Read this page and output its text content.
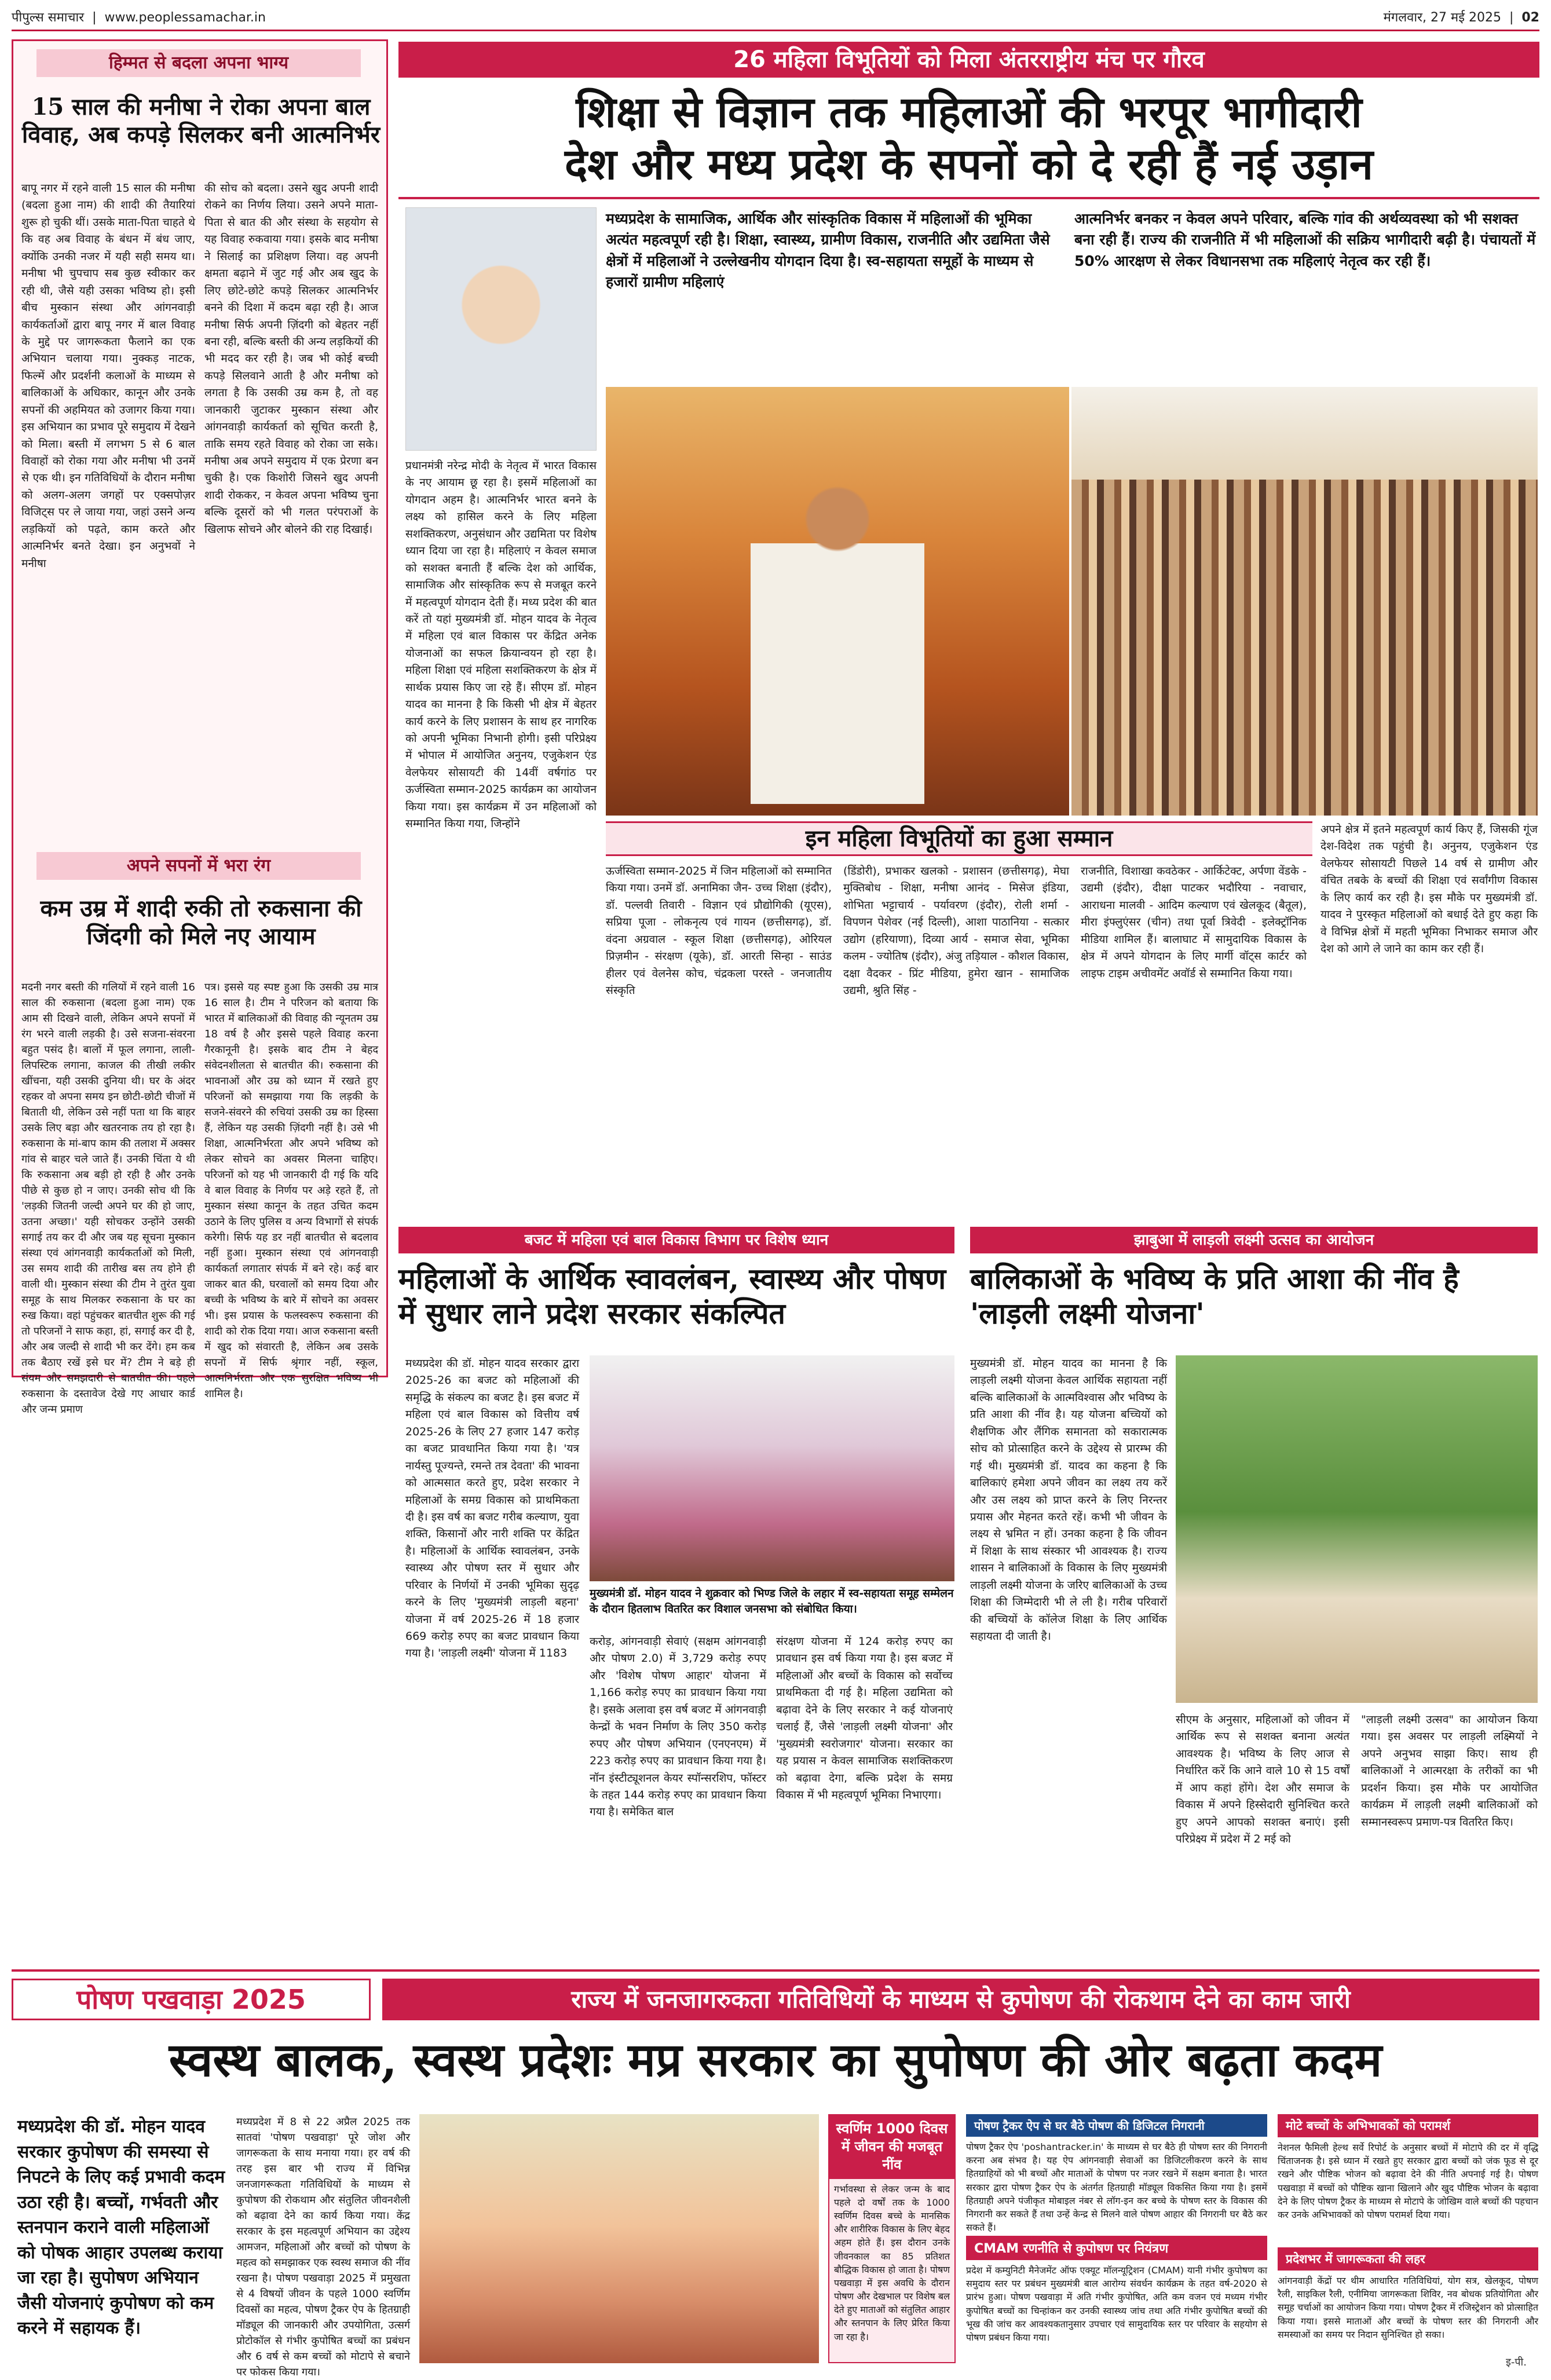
पीपुल्स समाचार  |  www.peoplessamachar.in	मंगलवार, 27 मई 2025  |  02
हिम्मत से बदला अपना भाग्य
15 साल की मनीषा ने रोका अपना बाल विवाह, अब कपड़े सिलकर बनी आत्मनिर्भर
बापू नगर में रहने वाली 15 साल की मनीषा (बदला हुआ नाम) की शादी की तैयारियां शुरू हो चुकी थीं। उसके माता-पिता चाहते थे कि वह अब विवाह के बंधन में बंध जाए, क्योंकि उनकी नजर में यही सही समय था। मनीषा भी चुपचाप सब कुछ स्वीकार कर रही थी, जैसे यही उसका भविष्य हो। इसी बीच मुस्कान संस्था और आंगनवाड़ी कार्यकर्ताओं द्वारा बापू नगर में बाल विवाह के मुद्दे पर जागरूकता फैलाने का एक अभियान चलाया गया। नुक्कड़ नाटक, फिल्में और प्रदर्शनी कलाओं के माध्यम से बालिकाओं के अधिकार, कानून और उनके सपनों की अहमियत को उजागर किया गया। इस अभियान का प्रभाव पूरे समुदाय में देखने को मिला। बस्ती में लगभग 5 से 6 बाल विवाहों को रोका गया और मनीषा भी उनमें से एक थी। इन गतिविधियों के दौरान मनीषा को अलग-अलग जगहों पर एक्सपोज़र विजिट्स पर ले जाया गया, जहां उसने अन्य लड़कियों को पढ़ते, काम करते और आत्मनिर्भर बनते देखा। इन अनुभवों ने मनीषा
की सोच को बदला। उसने खुद अपनी शादी रोकने का निर्णय लिया। उसने अपने माता-पिता से बात की और संस्था के सहयोग से यह विवाह रुकवाया गया। इसके बाद मनीषा ने सिलाई का प्रशिक्षण लिया। वह अपनी क्षमता बढ़ाने में जुट गई और अब खुद के लिए छोटे-छोटे कपड़े सिलकर आत्मनिर्भर बनने की दिशा में कदम बढ़ा रही है। आज मनीषा सिर्फ अपनी ज़िंदगी को बेहतर नहीं बना रही, बल्कि बस्ती की अन्य लड़कियों की भी मदद कर रही है। जब भी कोई बच्ची कपड़े सिलवाने आती है और मनीषा को लगता है कि उसकी उम्र कम है, तो वह जानकारी जुटाकर मुस्कान संस्था और आंगनवाड़ी कार्यकर्ता को सूचित करती है, ताकि समय रहते विवाह को रोका जा सके। मनीषा अब अपने समुदाय में एक प्रेरणा बन चुकी है। एक किशोरी जिसने खुद अपनी शादी रोककर, न केवल अपना भविष्य चुना बल्कि दूसरों को भी गलत परंपराओं के खिलाफ सोचने और बोलने की राह दिखाई।
अपने सपनों में भरा रंग
कम उम्र में शादी रुकी तो रुकसाना की जिंदगी को मिले नए आयाम
मदनी नगर बस्ती की गलियों में रहने वाली 16 साल की रुकसाना (बदला हुआ नाम) एक आम सी दिखने वाली, लेकिन अपने सपनों में रंग भरने वाली लड़की है। उसे सजना-संवरना बहुत पसंद है। बालों में फूल लगाना, लाली-लिपस्टिक लगाना, काजल की तीखी लकीर खींचना, यही उसकी दुनिया थी। घर के अंदर रहकर वो अपना समय इन छोटी-छोटी चीजों में बिताती थी, लेकिन उसे नहीं पता था कि बाहर उसके लिए बड़ा और खतरनाक तय हो रहा है। रुकसाना के मां-बाप काम की तलाश में अक्सर गांव से बाहर चले जाते हैं। उनकी चिंता ये थी कि रुकसाना अब बड़ी हो रही है और उनके पीछे से कुछ हो न जाए। उनकी सोच थी कि 'लड़की जितनी जल्दी अपने घर की हो जाए, उतना अच्छा।' यही सोचकर उन्होंने उसकी सगाई तय कर दी और जब यह सूचना मुस्कान संस्था एवं आंगनवाड़ी कार्यकर्ताओं को मिली, उस समय शादी की तारीख बस तय होने ही वाली थी। मुस्कान संस्था की टीम ने तुरंत युवा समूह के साथ मिलकर रुकसाना के घर का रुख किया। वहां पहुंचकर बातचीत शुरू की गई तो परिजनों ने साफ कहा, हां, सगाई कर दी है, और अब जल्दी से शादी भी कर देंगे। हम कब तक बैठाए रखें इसे घर में? टीम ने बड़े ही संयम और समझदारी से बातचीत की। पहले रुकसाना के दस्तावेज देखे गए आधार कार्ड और जन्म प्रमाण
पत्र। इससे यह स्पष्ट हुआ कि उसकी उम्र मात्र 16 साल है। टीम ने परिजन को बताया कि भारत में बालिकाओं की विवाह की न्यूनतम उम्र 18 वर्ष है और इससे पहले विवाह करना गैरकानूनी है। इसके बाद टीम ने बेहद संवेदनशीलता से बातचीत की। रुकसाना की भावनाओं और उम्र को ध्यान में रखते हुए परिजनों को समझाया गया कि लड़की के सजने-संवरने की रुचियां उसकी उम्र का हिस्सा हैं, लेकिन यह उसकी ज़िंदगी नहीं है। उसे भी शिक्षा, आत्मनिर्भरता और अपने भविष्य को लेकर सोचने का अवसर मिलना चाहिए। परिजनों को यह भी जानकारी दी गई कि यदि वे बाल विवाह के निर्णय पर अड़े रहते हैं, तो मुस्कान संस्था कानून के तहत उचित कदम उठाने के लिए पुलिस व अन्य विभागों से संपर्क करेगी। सिर्फ यह डर नहीं बातचीत से बदलाव नहीं हुआ। मुस्कान संस्था एवं आंगनवाड़ी कार्यकर्ता लगातार संपर्क में बने रहे। कई बार जाकर बात की, घरवालों को समय दिया और बच्ची के भविष्य के बारे में सोचने का अवसर भी। इस प्रयास के फलस्वरूप रुकसाना की शादी को रोक दिया गया। आज रुकसाना बस्ती में खुद को संवारती है, लेकिन अब उसके सपनों में सिर्फ श्रृंगार नहीं, स्कूल, आत्मनिर्भरता और एक सुरक्षित भविष्य भी शामिल है।
26 महिला विभूतियों को मिला अंतरराष्ट्रीय मंच पर गौरव
शिक्षा से विज्ञान तक महिलाओं की भरपूर भागीदारी
देश और मध्य प्रदेश के सपनों को दे रही हैं नई उड़ान
प्रधानमंत्री नरेन्द्र मोदी के नेतृत्व में भारत विकास के नए आयाम छू रहा है। इसमें महिलाओं का योगदान अहम है। आत्मनिर्भर भारत बनने के लक्ष्य को हासिल करने के लिए महिला सशक्तिकरण, अनुसंधान और उद्यमिता पर विशेष ध्यान दिया जा रहा है। महिलाएं न केवल समाज को सशक्त बनाती हैं बल्कि देश को आर्थिक, सामाजिक और सांस्कृतिक रूप से मजबूत करने में महत्वपूर्ण योगदान देती हैं। मध्य प्रदेश की बात करें तो यहां मुख्यमंत्री डॉ. मोहन यादव के नेतृत्व में महिला एवं बाल विकास पर केंद्रित अनेक योजनाओं का सफल क्रियान्वयन हो रहा है। महिला शिक्षा एवं महिला सशक्तिकरण के क्षेत्र में सार्थक प्रयास किए जा रहे हैं। सीएम डॉ. मोहन यादव का मानना है कि किसी भी क्षेत्र में बेहतर कार्य करने के लिए प्रशासन के साथ हर नागरिक को अपनी भूमिका निभानी होगी। इसी परिप्रेक्ष्य में भोपाल में आयोजित अनुनय, एजुकेशन एंड वेलफेयर सोसायटी की 14वीं वर्षगांठ पर ऊर्जस्विता सम्मान-2025 कार्यक्रम का आयोजन किया गया। इस कार्यक्रम में उन महिलाओं को सम्मानित किया गया, जिन्होंने
मध्यप्रदेश के सामाजिक, आर्थिक और सांस्कृतिक विकास में महिलाओं की भूमिका अत्यंत महत्वपूर्ण रही है। शिक्षा, स्वास्थ्य, ग्रामीण विकास, राजनीति और उद्यमिता जैसे क्षेत्रों में महिलाओं ने उल्लेखनीय योगदान दिया है। स्व-सहायता समूहों के माध्यम से हजारों ग्रामीण महिलाएं
आत्मनिर्भर बनकर न केवल अपने परिवार, बल्कि गांव की अर्थव्यवस्था को भी सशक्त बना रही हैं। राज्य की राजनीति में भी महिलाओं की सक्रिय भागीदारी बढ़ी है। पंचायतों में 50% आरक्षण से लेकर विधानसभा तक महिलाएं नेतृत्व कर रही हैं।
इन महिला विभूतियों का हुआ सम्मान
ऊर्जस्विता सम्मान-2025 में जिन महिलाओं को सम्मानित किया गया। उनमें डॉ. अनामिका जैन- उच्च शिक्षा (इंदौर), डॉ. पल्लवी तिवारी - विज्ञान एवं प्रौद्योगिकी (यूएस), सप्रिया पूजा - लोकनृत्य एवं गायन (छत्तीसगढ़), डॉ. वंदना अग्रवाल - स्कूल शिक्षा (छत्तीसगढ़), ओरियल प्रिज़मीन - संरक्षण (यूके), डॉ. आरती सिन्हा - साउंड हीलर एवं वेलनेस कोच, चंद्रकला परस्ते - जनजातीय संस्कृति
(डिंडोरी), प्रभाकर खलको - प्रशासन (छत्तीसगढ़), मेघा मुक्तिबोध - शिक्षा, मनीषा आनंद - मिसेज इंडिया, शोभिता भट्टाचार्य - पर्यावरण (इंदौर), रोली शर्मा - विपणन पेशेवर (नई दिल्ली), आशा पाठानिया - सत्कार उद्योग (हरियाणा), दिव्या आर्य - समाज सेवा, भूमिका कलम - ज्योतिष (इंदौर), अंजु तड़ियाल - कौशल विकास, दक्षा वैदकर - प्रिंट मीडिया, हुमेरा खान - सामाजिक उद्यमी, श्रुति सिंह -
राजनीति, विशाखा कवठेकर - आर्किटेक्ट, अर्पणा वेंडके - उद्यमी (इंदौर), दीक्षा पाटकर भदौरिया - नवाचार, आराधना मालवी - आदिम कल्याण एवं खेलकूद (बैतूल), मीरा इंफ्लुएंसर (चीन) तथा पूर्वा त्रिवेदी - इलेक्ट्रॉनिक मीडिया शामिल हैं। बालाघाट में सामुदायिक विकास के क्षेत्र में अपने योगदान के लिए मार्गी वॉट्स कार्टर को लाइफ टाइम अचीवमेंट अवॉर्ड से सम्मानित किया गया।
अपने क्षेत्र में इतने महत्वपूर्ण कार्य किए हैं, जिसकी गूंज देश-विदेश तक पहुंची है। अनुनय, एजुकेशन एंड वेलफेयर सोसायटी पिछले 14 वर्ष से ग्रामीण और वंचित तबके के बच्चों की शिक्षा एवं सर्वांगीण विकास के लिए कार्य कर रही है। इस मौके पर मुख्यमंत्री डॉ. यादव ने पुरस्कृत महिलाओं को बधाई देते हुए कहा कि वे विभिन्न क्षेत्रों में महती भूमिका निभाकर समाज और देश को आगे ले जाने का काम कर रही हैं।
बजट में महिला एवं बाल विकास विभाग पर विशेष ध्यान
महिलाओं के आर्थिक स्वावलंबन, स्वास्थ्य और पोषण में सुधार लाने प्रदेश सरकार संकल्पित
मध्यप्रदेश की डॉ. मोहन यादव सरकार द्वारा 2025-26 का बजट को महिलाओं की समृद्धि के संकल्प का बजट है। इस बजट में महिला एवं बाल विकास को वित्तीय वर्ष 2025-26 के लिए 27 हजार 147 करोड़ का बजट प्रावधानित किया गया है। 'यत्र नार्यस्तु पूज्यन्ते, रमन्ते तत्र देवता' की भावना को आत्मसात करते हुए, प्रदेश सरकार ने महिलाओं के समग्र विकास को प्राथमिकता दी है। इस वर्ष का बजट गरीब कल्याण, युवा शक्ति, किसानों और नारी शक्ति पर केंद्रित है। महिलाओं के आर्थिक स्वावलंबन, उनके स्वास्थ्य और पोषण स्तर में सुधार और परिवार के निर्णयों में उनकी भूमिका सुदृढ़ करने के लिए 'मुख्यमंत्री लाड़ली बहना' योजना में वर्ष 2025-26 में 18 हजार 669 करोड़ रुपए का बजट प्रावधान किया गया है। 'लाड़ली लक्ष्मी' योजना में 1183
मुख्यमंत्री डॉ. मोहन यादव ने शुक्रवार को भिण्ड जिले के लहार में स्व-सहायता समूह सम्मेलन के दौरान हितलाभ वितरित कर विशाल जनसभा को संबोधित किया।
करोड़, आंगनवाड़ी सेवाएं (सक्षम आंगनवाड़ी और पोषण 2.0) में 3,729 करोड़ रुपए और 'विशेष पोषण आहार' योजना में 1,166 करोड़ रुपए का प्रावधान किया गया है। इसके अलावा इस वर्ष बजट में आंगनवाड़ी केन्द्रों के भवन निर्माण के लिए 350 करोड़ रुपए और पोषण अभियान (एनएनएम) में 223 करोड़ रुपए का प्रावधान किया गया है। नॉन इंस्टीट्यूशनल केयर स्पॉन्सरशिप, फॉस्टर के तहत 144 करोड़ रुपए का प्रावधान किया गया है। समेकित बाल
संरक्षण योजना में 124 करोड़ रुपए का प्रावधान इस वर्ष किया गया है। इस बजट में महिलाओं और बच्चों के विकास को सर्वोच्च प्राथमिकता दी गई है। महिला उद्यमिता को बढ़ावा देने के लिए सरकार ने कई योजनाएं चलाई हैं, जैसे 'लाड़ली लक्ष्मी योजना' और 'मुख्यमंत्री स्वरोजगार' योजना। सरकार का यह प्रयास न केवल सामाजिक सशक्तिकरण को बढ़ावा देगा, बल्कि प्रदेश के समग्र विकास में भी महत्वपूर्ण भूमिका निभाएगा।
झाबुआ में लाड़ली लक्ष्मी उत्सव का आयोजन
बालिकाओं के भविष्य के प्रति आशा की नींव है 'लाड़ली लक्ष्मी योजना'
मुख्यमंत्री डॉ. मोहन यादव का मानना है कि लाड़ली लक्ष्मी योजना केवल आर्थिक सहायता नहीं बल्कि बालिकाओं के आत्मविश्वास और भविष्य के प्रति आशा की नींव है। यह योजना बच्चियों को शैक्षणिक और लैंगिक समानता को सकारात्मक सोच को प्रोत्साहित करने के उद्देश्य से प्रारम्भ की गई थी। मुख्यमंत्री डॉ. यादव का कहना है कि बालिकाएं हमेशा अपने जीवन का लक्ष्य तय करें और उस लक्ष्य को प्राप्त करने के लिए निरन्तर प्रयास और मेहनत करते रहें। कभी भी जीवन के लक्ष्य से भ्रमित न हों। उनका कहना है कि जीवन में शिक्षा के साथ संस्कार भी आवश्यक है। राज्य शासन ने बालिकाओं के विकास के लिए मुख्यमंत्री लाड़ली लक्ष्मी योजना के जरिए बालिकाओं के उच्च शिक्षा की जिम्मेदारी भी ले ली है। गरीब परिवारों की बच्चियों के कॉलेज शिक्षा के लिए आर्थिक सहायता दी जाती है।
सीएम के अनुसार, महिलाओं को जीवन में आर्थिक रूप से सशक्त बनाना अत्यंत आवश्यक है। भविष्य के लिए आज से निर्धारित करें कि आने वाले 10 से 15 वर्षों में आप कहां होंगे। देश और समाज के विकास में अपने हिस्सेदारी सुनिश्चित करते हुए अपने आपको सशक्त बनाएं। इसी परिप्रेक्ष्य में प्रदेश में 2 मई को
"लाड़ली लक्ष्मी उत्सव" का आयोजन किया गया। इस अवसर पर लाड़ली लक्ष्मियों ने अपने अनुभव साझा किए। साथ ही बालिकाओं ने आत्मरक्षा के तरीकों का भी प्रदर्शन किया। इस मौके पर आयोजित कार्यक्रम में लाड़ली लक्ष्मी बालिकाओं को सम्मानस्वरूप प्रमाण-पत्र वितरित किए।
पोषण पखवाड़ा 2025	राज्य में जनजागरुकता गतिविधियों के माध्यम से कुपोषण की रोकथाम देने का काम जारी
स्वस्थ बालक, स्वस्थ प्रदेशः मप्र सरकार का सुपोषण की ओर बढ़ता कदम
मध्यप्रदेश की डॉ. मोहन यादव सरकार कुपोषण की समस्या से निपटने के लिए कई प्रभावी कदम उठा रही है। बच्चों, गर्भवती और स्तनपान कराने वाली महिलाओं को पोषक आहार उपलब्ध कराया जा रहा है। सुपोषण अभियान जैसी योजनाएं कुपोषण को कम करने में सहायक हैं।
मध्यप्रदेश में 8 से 22 अप्रैल 2025 तक सातवां 'पोषण पखवाड़ा' पूरे जोश और जागरूकता के साथ मनाया गया। हर वर्ष की तरह इस बार भी राज्य में विभिन्न जनजागरूकता गतिविधियों के माध्यम से कुपोषण की रोकथाम और संतुलित जीवनशैली को बढ़ावा देने का कार्य किया गया। केंद्र सरकार के इस महत्वपूर्ण अभियान का उद्देश्य आमजन, महिलाओं और बच्चों को पोषण के महत्व को समझाकर एक स्वस्थ समाज की नींव रखना है। पोषण पखवाड़ा 2025 में प्रमुखता से 4 विषयों जीवन के पहले 1000 स्वर्णिम दिवसों का महत्व, पोषण ट्रैकर ऐप के हितग्राही मॉड्यूल की जानकारी और उपयोगिता, उत्सर्ग प्रोटोकॉल से गंभीर कुपोषित बच्चों का प्रबंधन और 6 वर्ष से कम बच्चों को मोटापे से बचाने पर फोकस किया गया।
स्वर्णिम 1000 दिवस में जीवन की मजबूत नींव
गर्भावस्था से लेकर जन्म के बाद पहले दो वर्षों तक के 1000 स्वर्णिम दिवस बच्चे के मानसिक और शारीरिक विकास के लिए बेहद अहम होते हैं। इस दौरान उनके जीवनकाल का 85 प्रतिशत बौद्धिक विकास हो जाता है। पोषण पखवाड़ा में इस अवधि के दौरान पोषण और देखभाल पर विशेष बल देते हुए माताओं को संतुलित आहार और स्तनपान के लिए प्रेरित किया जा रहा है।
पोषण ट्रैकर ऐप से घर बैठे पोषण की डिजिटल निगरानी
पोषण ट्रैकर ऐप 'poshantracker.in' के माध्यम से घर बैठे ही पोषण स्तर की निगरानी करना अब संभव है। यह ऐप आंगनवाड़ी सेवाओं का डिजिटलीकरण करने के साथ हितग्राहियों को भी बच्चों और माताओं के पोषण पर नजर रखने में सक्षम बनाता है। भारत सरकार द्वारा पोषण ट्रैकर ऐप के अंतर्गत हितग्राही मॉड्यूल विकसित किया गया है। इसमें हितग्राही अपने पंजीकृत मोबाइल नंबर से लॉग-इन कर बच्चे के पोषण स्तर के विकास की निगरानी कर सकते हैं तथा उन्हें केन्द्र से मिलने वाले पोषण आहार की निगरानी घर बैठे कर सकते हैं।
CMAM रणनीति से कुपोषण पर नियंत्रण
प्रदेश में कम्युनिटी मैनेजमेंट ऑफ एक्यूट मॉलन्यूट्रिशन (CMAM) यानी गंभीर कुपोषण का समुदाय स्तर पर प्रबंधन मुख्यमंत्री बाल आरोग्य संवर्धन कार्यक्रम के तहत वर्ष-2020 से प्रारंभ हुआ। पोषण पखवाड़ा में अति गंभीर कुपोषित, अति कम वजन एवं मध्यम गंभीर कुपोषित बच्चों का चिन्हांकन कर उनकी स्वास्थ्य जांच तथा अति गंभीर कुपोषित बच्चों की भूख की जांच कर आवश्यकतानुसार उपचार एवं सामुदायिक स्तर पर परिवार के सहयोग से पोषण प्रबंधन किया गया।
मोटे बच्चों के अभिभावकों को परामर्श
नेशनल फैमिली हेल्थ सर्वे रिपोर्ट के अनुसार बच्चों में मोटापे की दर में वृद्धि चिंताजनक है। इसे ध्यान में रखते हुए सरकार द्वारा बच्चों को जंक फूड से दूर रखने और पौष्टिक भोजन को बढ़ावा देने की नीति अपनाई गई है। पोषण पखवाड़ा में बच्चों को पौष्टिक खाना खिलाने और खुद पौष्टिक भोजन के बढ़ावा देने के लिए पोषण ट्रैकर के माध्यम से मोटापे के जोखिम वाले बच्चों की पहचान कर उनके अभिभावकों को पोषण परामर्श दिया गया।
प्रदेशभर में जागरूकता की लहर
आंगनवाड़ी केंद्रों पर थीम आधारित गतिविधियां, योग सत्र, खेलकूद, पोषण रैली, साइकिल रैली, एनीमिया जागरूकता शिविर, नव बोधक प्रतियोगिता और समूह चर्चाओं का आयोजन किया गया। पोषण ट्रैकर में रजिस्ट्रेशन को प्रोत्साहित किया गया। इससे माताओं और बच्चों के पोषण स्तर की निगरानी और समस्याओं का समय पर निदान सुनिश्चित हो सका।
इ-पी.
